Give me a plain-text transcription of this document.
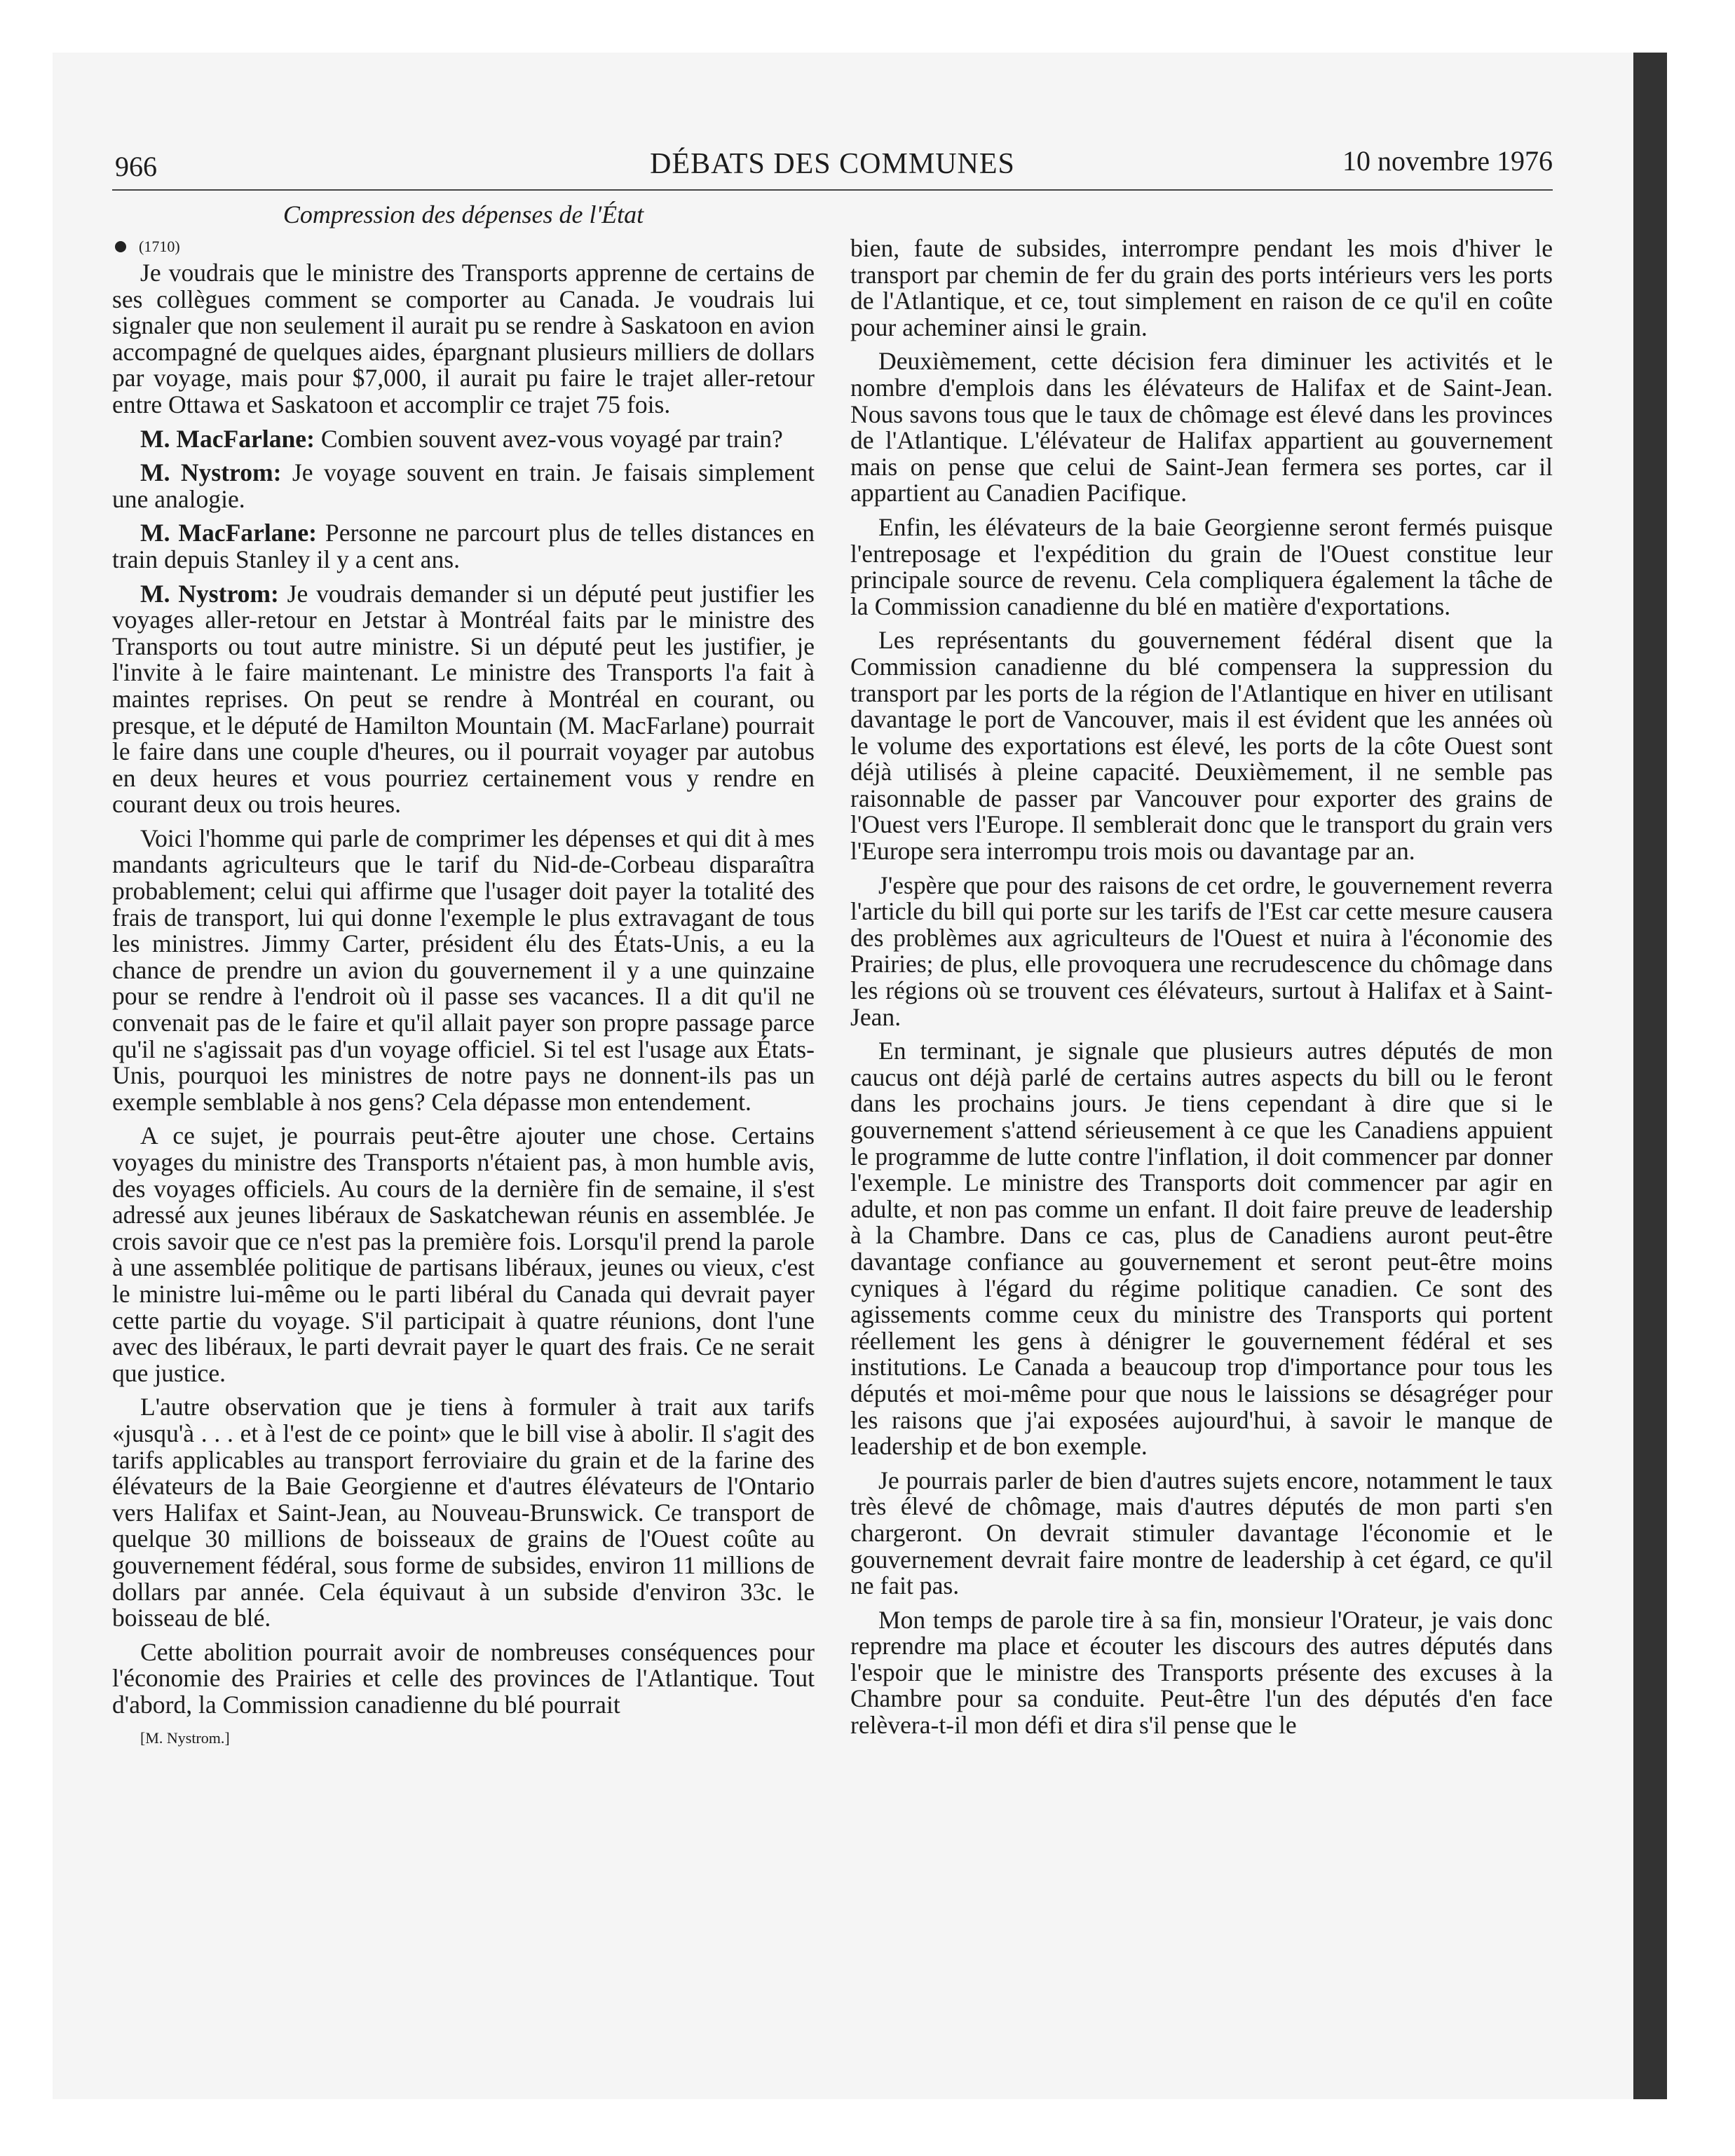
966	DÉBATS DES COMMUNES	10 novembre 1976
Compression des dépenses de l'État
(1710)

Je voudrais que le ministre des Transports apprenne de certains de ses collègues comment se comporter au Canada. Je voudrais lui signaler que non seulement il aurait pu se rendre à Saskatoon en avion accompagné de quelques aides, épargnant plusieurs milliers de dollars par voyage, mais pour $7,000, il aurait pu faire le trajet aller-retour entre Ottawa et Saskatoon et accomplir ce trajet 75 fois.

M. MacFarlane: Combien souvent avez-vous voyagé par train?

M. Nystrom: Je voyage souvent en train. Je faisais simplement une analogie.

M. MacFarlane: Personne ne parcourt plus de telles distances en train depuis Stanley il y a cent ans.

M. Nystrom: Je voudrais demander si un député peut justifier les voyages aller-retour en Jetstar à Montréal faits par le ministre des Transports ou tout autre ministre. Si un député peut les justifier, je l'invite à le faire maintenant. Le ministre des Transports l'a fait à maintes reprises. On peut se rendre à Montréal en courant, ou presque, et le député de Hamilton Mountain (M. MacFarlane) pourrait le faire dans une couple d'heures, ou il pourrait voyager par autobus en deux heures et vous pourriez certainement vous y rendre en courant deux ou trois heures.

Voici l'homme qui parle de comprimer les dépenses et qui dit à mes mandants agriculteurs que le tarif du Nid-de-Corbeau disparaîtra probablement; celui qui affirme que l'usager doit payer la totalité des frais de transport, lui qui donne l'exemple le plus extravagant de tous les ministres. Jimmy Carter, président élu des États-Unis, a eu la chance de prendre un avion du gouvernement il y a une quinzaine pour se rendre à l'endroit où il passe ses vacances. Il a dit qu'il ne convenait pas de le faire et qu'il allait payer son propre passage parce qu'il ne s'agissait pas d'un voyage officiel. Si tel est l'usage aux États-Unis, pourquoi les ministres de notre pays ne donnent-ils pas un exemple semblable à nos gens? Cela dépasse mon entendement.

A ce sujet, je pourrais peut-être ajouter une chose. Certains voyages du ministre des Transports n'étaient pas, à mon humble avis, des voyages officiels. Au cours de la dernière fin de semaine, il s'est adressé aux jeunes libéraux de Saskatchewan réunis en assemblée. Je crois savoir que ce n'est pas la première fois. Lorsqu'il prend la parole à une assemblée politique de partisans libéraux, jeunes ou vieux, c'est le ministre lui-même ou le parti libéral du Canada qui devrait payer cette partie du voyage. S'il participait à quatre réunions, dont l'une avec des libéraux, le parti devrait payer le quart des frais. Ce ne serait que justice.

L'autre observation que je tiens à formuler à trait aux tarifs «jusqu'à . . . et à l'est de ce point» que le bill vise à abolir. Il s'agit des tarifs applicables au transport ferroviaire du grain et de la farine des élévateurs de la Baie Georgienne et d'autres élévateurs de l'Ontario vers Halifax et Saint-Jean, au Nouveau-Brunswick. Ce transport de quelque 30 millions de boisseaux de grains de l'Ouest coûte au gouvernement fédéral, sous forme de subsides, environ 11 millions de dollars par année. Cela équivaut à un subside d'environ 33c. le boisseau de blé.

Cette abolition pourrait avoir de nombreuses conséquences pour l'économie des Prairies et celle des provinces de l'Atlantique. Tout d'abord, la Commission canadienne du blé pourrait

[M. Nystrom.]

bien, faute de subsides, interrompre pendant les mois d'hiver le transport par chemin de fer du grain des ports intérieurs vers les ports de l'Atlantique, et ce, tout simplement en raison de ce qu'il en coûte pour acheminer ainsi le grain.

Deuxièmement, cette décision fera diminuer les activités et le nombre d'emplois dans les élévateurs de Halifax et de Saint-Jean. Nous savons tous que le taux de chômage est élevé dans les provinces de l'Atlantique. L'élévateur de Halifax appartient au gouvernement mais on pense que celui de Saint-Jean fermera ses portes, car il appartient au Canadien Pacifique.

Enfin, les élévateurs de la baie Georgienne seront fermés puisque l'entreposage et l'expédition du grain de l'Ouest constitue leur principale source de revenu. Cela compliquera également la tâche de la Commission canadienne du blé en matière d'exportations.

Les représentants du gouvernement fédéral disent que la Commission canadienne du blé compensera la suppression du transport par les ports de la région de l'Atlantique en hiver en utilisant davantage le port de Vancouver, mais il est évident que les années où le volume des exportations est élevé, les ports de la côte Ouest sont déjà utilisés à pleine capacité. Deuxièmement, il ne semble pas raisonnable de passer par Vancouver pour exporter des grains de l'Ouest vers l'Europe. Il semblerait donc que le transport du grain vers l'Europe sera interrompu trois mois ou davantage par an.

J'espère que pour des raisons de cet ordre, le gouvernement reverra l'article du bill qui porte sur les tarifs de l'Est car cette mesure causera des problèmes aux agriculteurs de l'Ouest et nuira à l'économie des Prairies; de plus, elle provoquera une recrudescence du chômage dans les régions où se trouvent ces élévateurs, surtout à Halifax et à Saint-Jean.

En terminant, je signale que plusieurs autres députés de mon caucus ont déjà parlé de certains autres aspects du bill ou le feront dans les prochains jours. Je tiens cependant à dire que si le gouvernement s'attend sérieusement à ce que les Canadiens appuient le programme de lutte contre l'inflation, il doit commencer par donner l'exemple. Le ministre des Transports doit commencer par agir en adulte, et non pas comme un enfant. Il doit faire preuve de leadership à la Chambre. Dans ce cas, plus de Canadiens auront peut-être davantage confiance au gouvernement et seront peut-être moins cyniques à l'égard du régime politique canadien. Ce sont des agissements comme ceux du ministre des Transports qui portent réellement les gens à dénigrer le gouvernement fédéral et ses institutions. Le Canada a beaucoup trop d'importance pour tous les députés et moi-même pour que nous le laissions se désagréger pour les raisons que j'ai exposées aujourd'hui, à savoir le manque de leadership et de bon exemple.

Je pourrais parler de bien d'autres sujets encore, notamment le taux très élevé de chômage, mais d'autres députés de mon parti s'en chargeront. On devrait stimuler davantage l'économie et le gouvernement devrait faire montre de leadership à cet égard, ce qu'il ne fait pas.

Mon temps de parole tire à sa fin, monsieur l'Orateur, je vais donc reprendre ma place et écouter les discours des autres députés dans l'espoir que le ministre des Transports présente des excuses à la Chambre pour sa conduite. Peut-être l'un des députés d'en face relèvera-t-il mon défi et dira s'il pense que le
